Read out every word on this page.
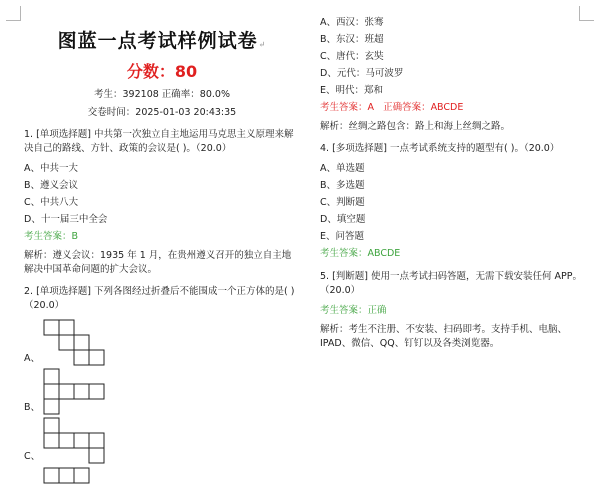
图蓝一点考试样例试卷↵
分数：80
考生：392108 正确率：80.0%
交卷时间：2025-01-03 20:43:35
1. [单项选择题] 中共第一次独立自主地运用马克思主义原理来解决自己的路线、方针、政策的会议是( )。（20.0）
A、中共一大
B、遵义会议
C、中共八大
D、十一届三中全会
考生答案：B
解析：遵义会议：1935 年 1 月，在贵州遵义召开的独立自主地解决中国革命问题的扩大会议。
2. [单项选择题] 下列各图经过折叠后不能围成一个正方体的是( ) （20.0）
A、
B、
C、
A、西汉：张骞
B、东汉：班超
C、唐代：玄奘
D、元代：马可波罗
E、明代：郑和
考生答案：A 正确答案：ABCDE
解析：丝绸之路包含：路上和海上丝绸之路。
4. [多项选择题] 一点考试系统支持的题型有( )。（20.0）
A、单选题
B、多选题
C、判断题
D、填空题
E、问答题
考生答案：ABCDE
5. [判断题] 使用一点考试扫码答题，无需下载安装任何 APP。（20.0）
考生答案：正确
解析：考生不注册、不安装、扫码即考。支持手机、电脑、IPAD、微信、QQ、钉钉以及各类浏览器。
